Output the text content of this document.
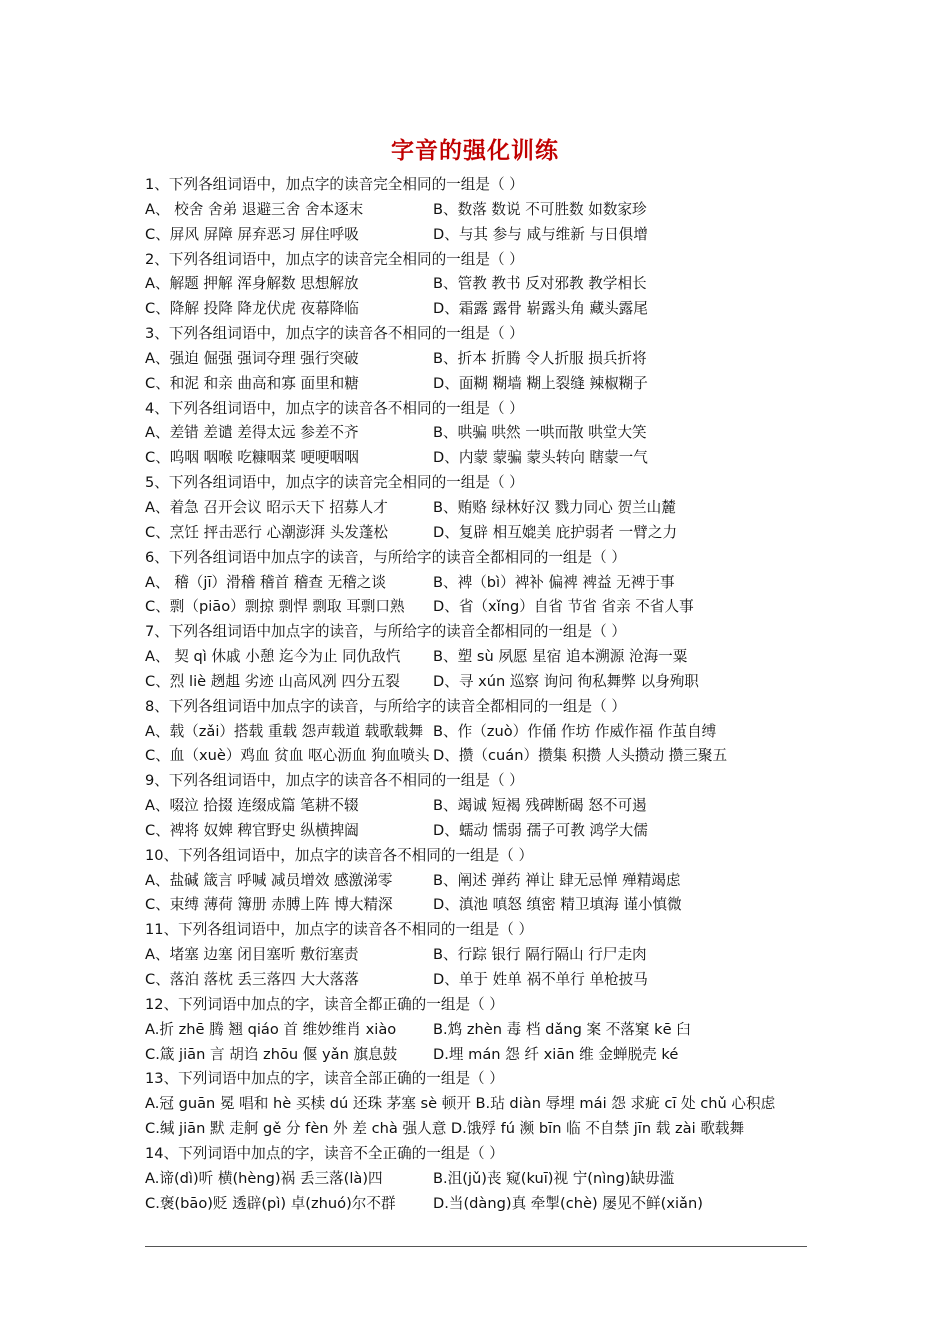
字音的强化训练
1、下列各组词语中，加点字的读音完全相同的一组是（ ）
A、 校舍 舍弟 退避三舍 舍本逐末	B、数落 数说 不可胜数 如数家珍
C、屏风 屏障 屏弃恶习 屏住呼吸	D、与其 参与 咸与维新 与日俱增
2、下列各组词语中，加点字的读音完全相同的一组是（ ）
A、解题 押解 浑身解数 思想解放	B、管教 教书 反对邪教 教学相长
C、降解 投降 降龙伏虎 夜幕降临	D、霜露 露骨 崭露头角 藏头露尾
3、下列各组词语中，加点字的读音各不相同的一组是（ ）
A、强迫 倔强 强词夺理 强行突破	B、折本 折腾 令人折服 损兵折将
C、和泥 和亲 曲高和寡 面里和糖	D、面糊 糊墙 糊上裂缝 辣椒糊子
4、下列各组词语中，加点字的读音各不相同的一组是（ ）
A、差错 差谴 差得太远 参差不齐	B、哄骗 哄然 一哄而散 哄堂大笑
C、呜咽 咽喉 吃糠咽菜 哽哽咽咽	D、内蒙 蒙骗 蒙头转向 瞎蒙一气
5、下列各组词语中，加点字的读音完全相同的一组是（ ）
A、着急 召开会议 昭示天下 招募人才	B、贿赂 绿林好汉 戮力同心 贺兰山麓
C、烹饪 抨击恶行 心潮澎湃 头发蓬松	D、复辟 相互媲美 庇护弱者 一臂之力
6、下列各组词语中加点字的读音，与所给字的读音全都相同的一组是（ ）
A、 稽（jī）滑稽 稽首 稽查 无稽之谈	B、裨（bì）裨补 偏裨 裨益 无裨于事
C、剽（piāo）剽掠 剽悍 剽取 耳剽口熟	D、省（xǐng）自省 节省 省亲 不省人事
7、下列各组词语中加点字的读音，与所给字的读音全都相同的一组是（ ）
A、 契 qì 休戚 小憩 迄今为止 同仇敌忾	B、塑 sù 夙愿 星宿 追本溯源 沧海一粟
C、烈 liè 趔趄 劣迹 山高风冽 四分五裂	D、寻 xún 巡察 询问 徇私舞弊 以身殉职
8、下列各组词语中加点字的读音，与所给字的读音全都相同的一组是（ ）
A、载（zǎi）搭载 重载 怨声载道 载歌载舞 B、作（zuò）作俑 作坊 作威作福 作茧自缚
C、血（xuè）鸡血 贫血 呕心沥血 狗血喷头 D、攒（cuán）攒集 积攒 人头攒动 攒三聚五
9、下列各组词语中，加点字的读音各不相同的一组是（ ）
A、啜泣 拾掇 连缀成篇 笔耕不辍	B、竭诚 短褐 残碑断碣 怒不可遏
C、裨将 奴婢 稗官野史 纵横捭阖	D、蠕动 懦弱 孺子可教 鸿学大儒
10、下列各组词语中，加点字的读音各不相同的一组是（ ）
A、盐碱 箴言 呼喊 减员增效 感激涕零	B、阐述 弹药 禅让 肆无忌惮 殚精竭虑
C、束缚 薄荷 簿册 赤膊上阵 博大精深	D、滇池 嗔怒 缜密 精卫填海 谨小慎微
11、下列各组词语中，加点字的读音各不相同的一组是（ ）
A、堵塞 边塞 闭目塞听 敷衍塞责	B、行踪 银行 隔行隔山 行尸走肉
C、落泊 落枕 丢三落四 大大落落	D、单于 姓单 祸不单行 单枪披马
12、下列词语中加点的字，读音全都正确的一组是（ ）
A.折 zhē 腾 翘 qiáo 首 维妙维肖 xiào	B.鸩 zhèn 毒 档 dǎng 案 不落窠 kē 臼
C.箴 jiān 言 胡诌 zhōu 偃 yǎn 旗息鼓	D.埋 mán 怨 纤 xiān 维 金蝉脱壳 ké
13、下列词语中加点的字，读音全部正确的一组是（ ）
A.冠 guān 冕 唱和 hè 买椟 dú 还珠 茅塞 sè 顿开 B.玷 diàn 辱埋 mái 怨 求疵 cī 处 chǔ 心积虑
C.缄 jiān 默 走舸 gě 分 fèn 外 差 chà 强人意 D.饿殍 fú 濒 bīn 临 不自禁 jīn 载 zài 歌载舞
14、下列词语中加点的字，读音不全正确的一组是（ ）
A.谛(dì)听 横(hèng)祸 丢三落(là)四	B.沮(jǔ)丧 窥(kuī)视 宁(nìng)缺毋滥
C.褒(bāo)贬 透辟(pì) 卓(zhuó)尔不群	D.当(dàng)真 牵掣(chè) 屡见不鲜(xiǎn)
